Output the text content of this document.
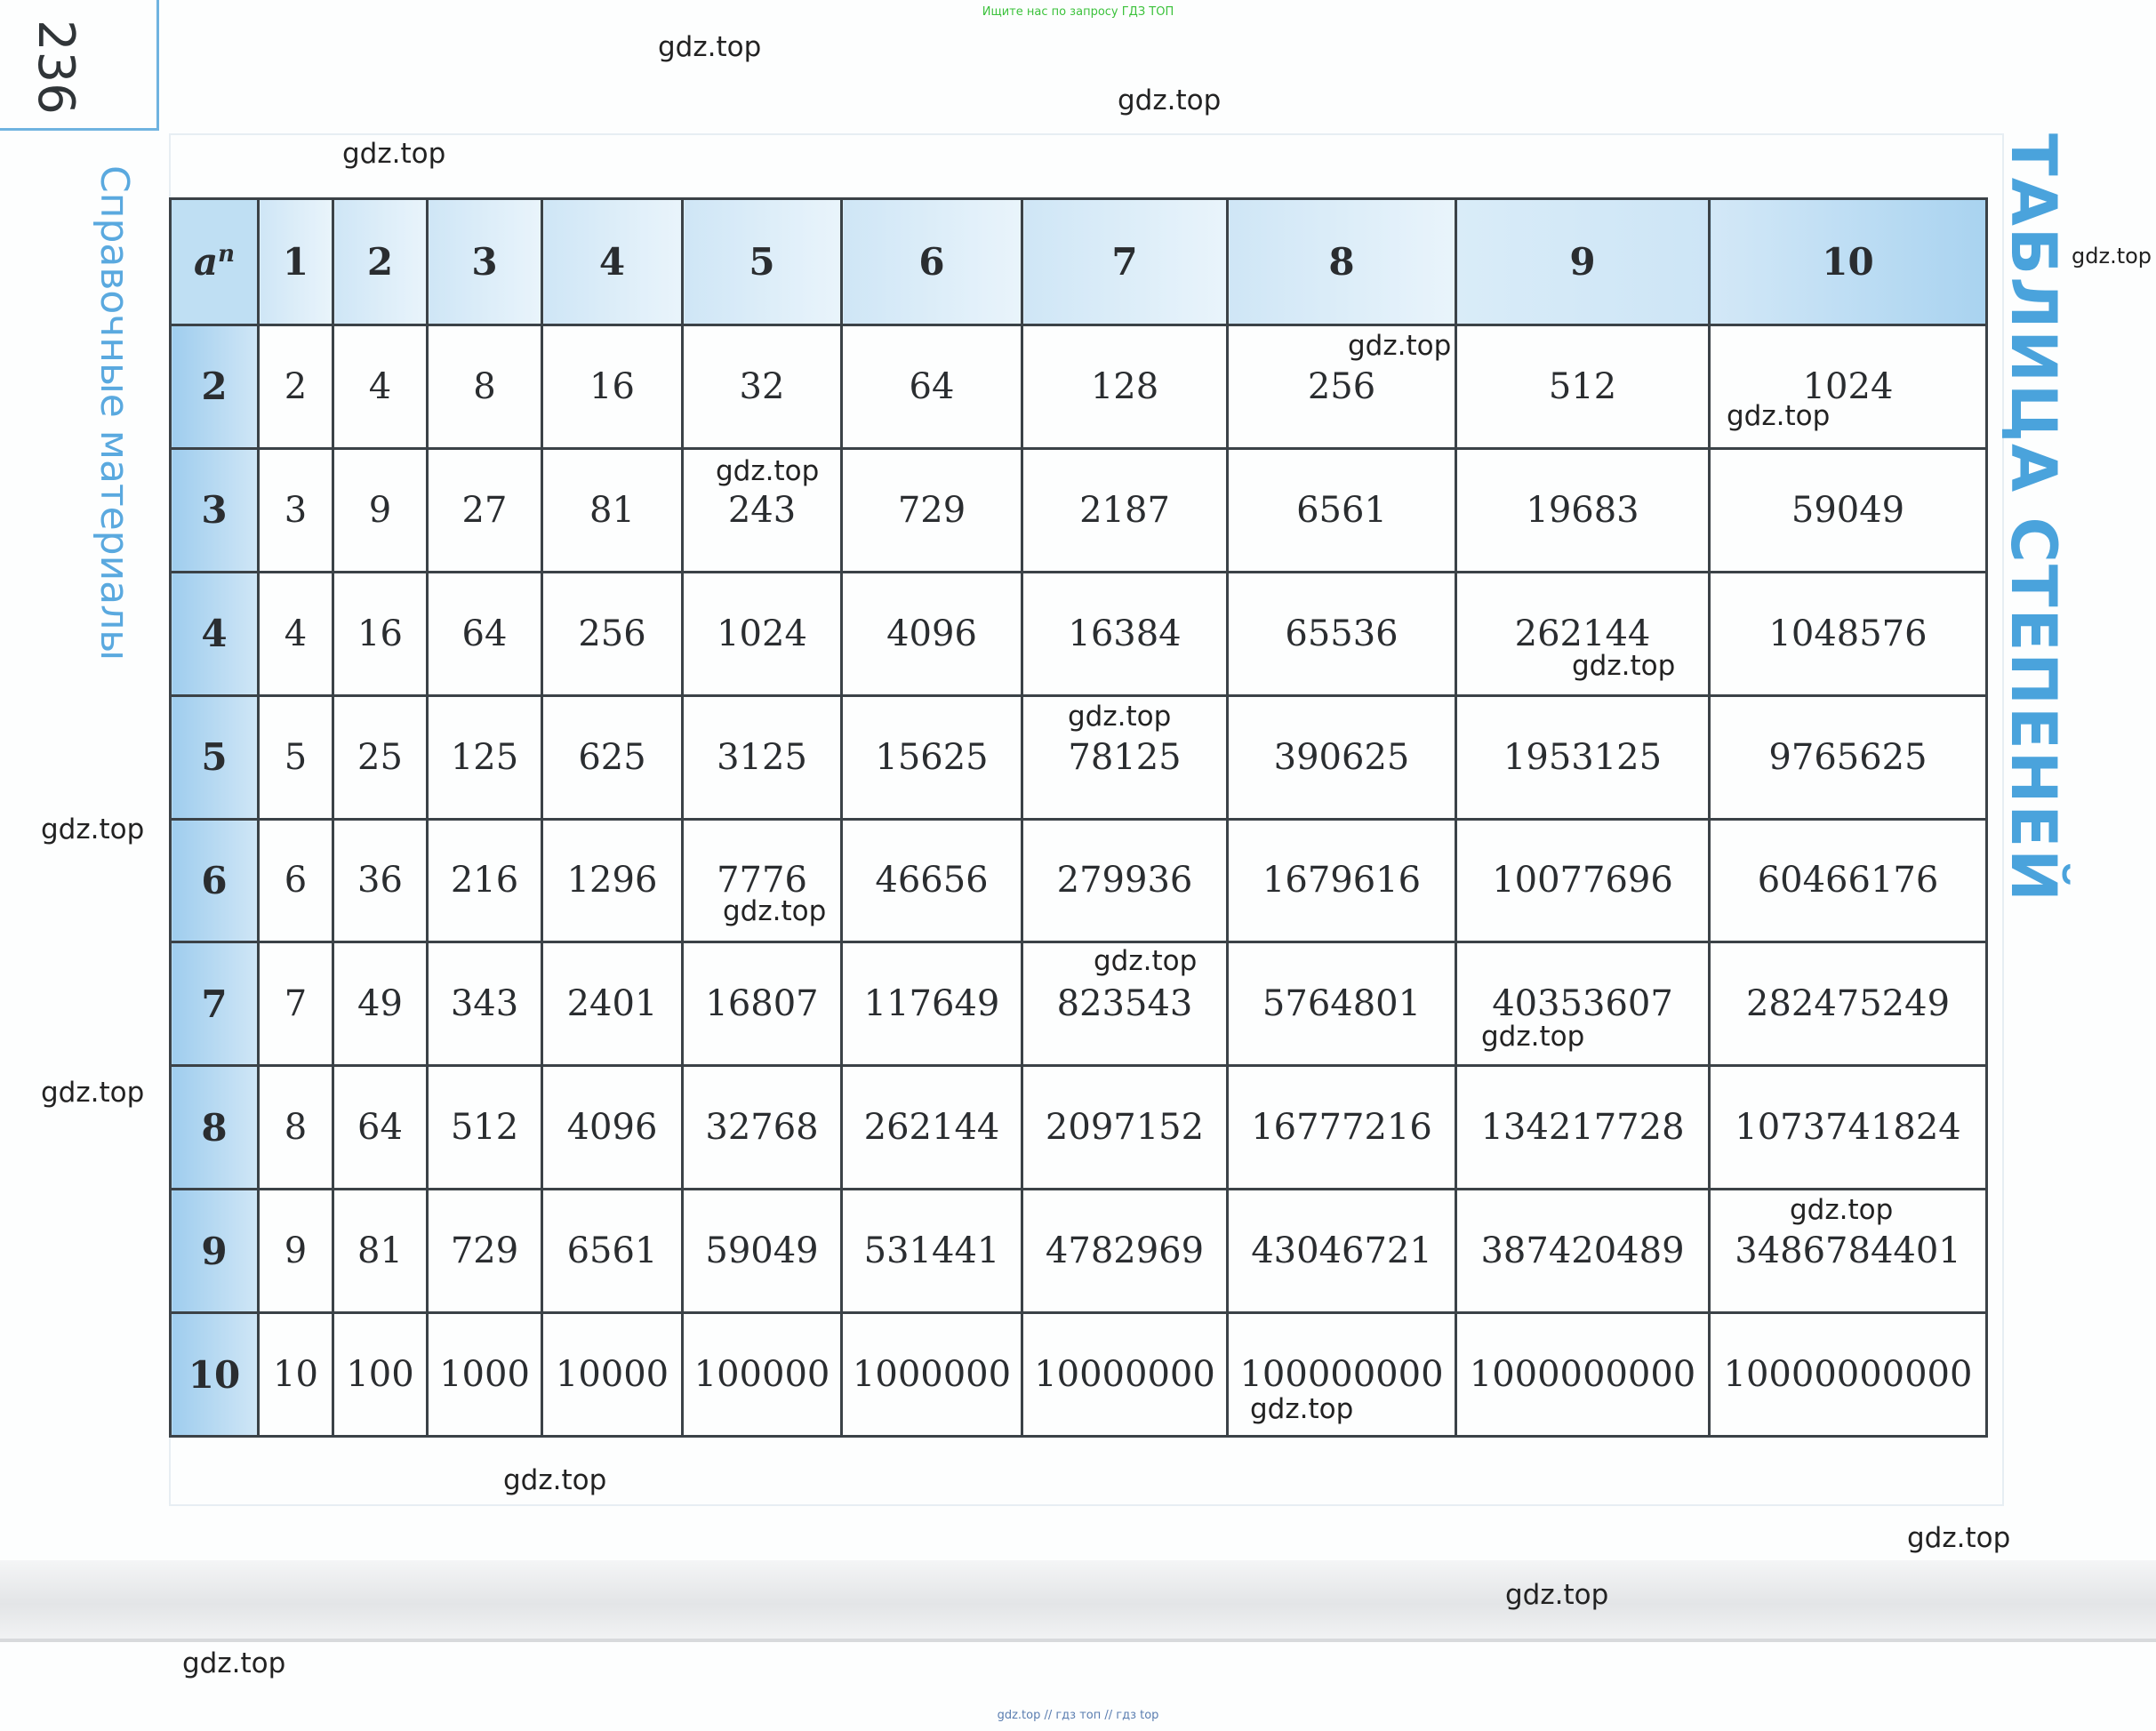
Ищите нас по запросу ГДЗ ТОП
236
Справочные материалы	ТАБЛИЦА СТЕПЕНЕЙ
$a^n$	1	2	3	4	5	6	7	8	9	10
2	2	4	8	16	32	64	128	256	512	1024
3	3	9	27	81	243	729	2187	6561	19683	59049
4	4	16	64	256	1024	4096	16384	65536	262144	1048576
5	5	25	125	625	3125	15625	78125	390625	1953125	9765625
6	6	36	216	1296	7776	46656	279936	1679616	10077696	60466176
7	7	49	343	2401	16807	117649	823543	5764801	40353607	282475249
8	8	64	512	4096	32768	262144	2097152	16777216	134217728	1073741824
9	9	81	729	6561	59049	531441	4782969	43046721	387420489	3486784401
10	10	100	1000	10000	100000	1000000	10000000	100000000	1000000000	10000000000
gdz.top
gdz.top
gdz.top
gdz.top
gdz.top
gdz.top
gdz.top
gdz.top
gdz.top
gdz.top
gdz.top
gdz.top
gdz.top
gdz.top
gdz.top
gdz.top
gdz.top
gdz.top
gdz.top
gdz.top
gdz.top // гдз топ // гдз top
